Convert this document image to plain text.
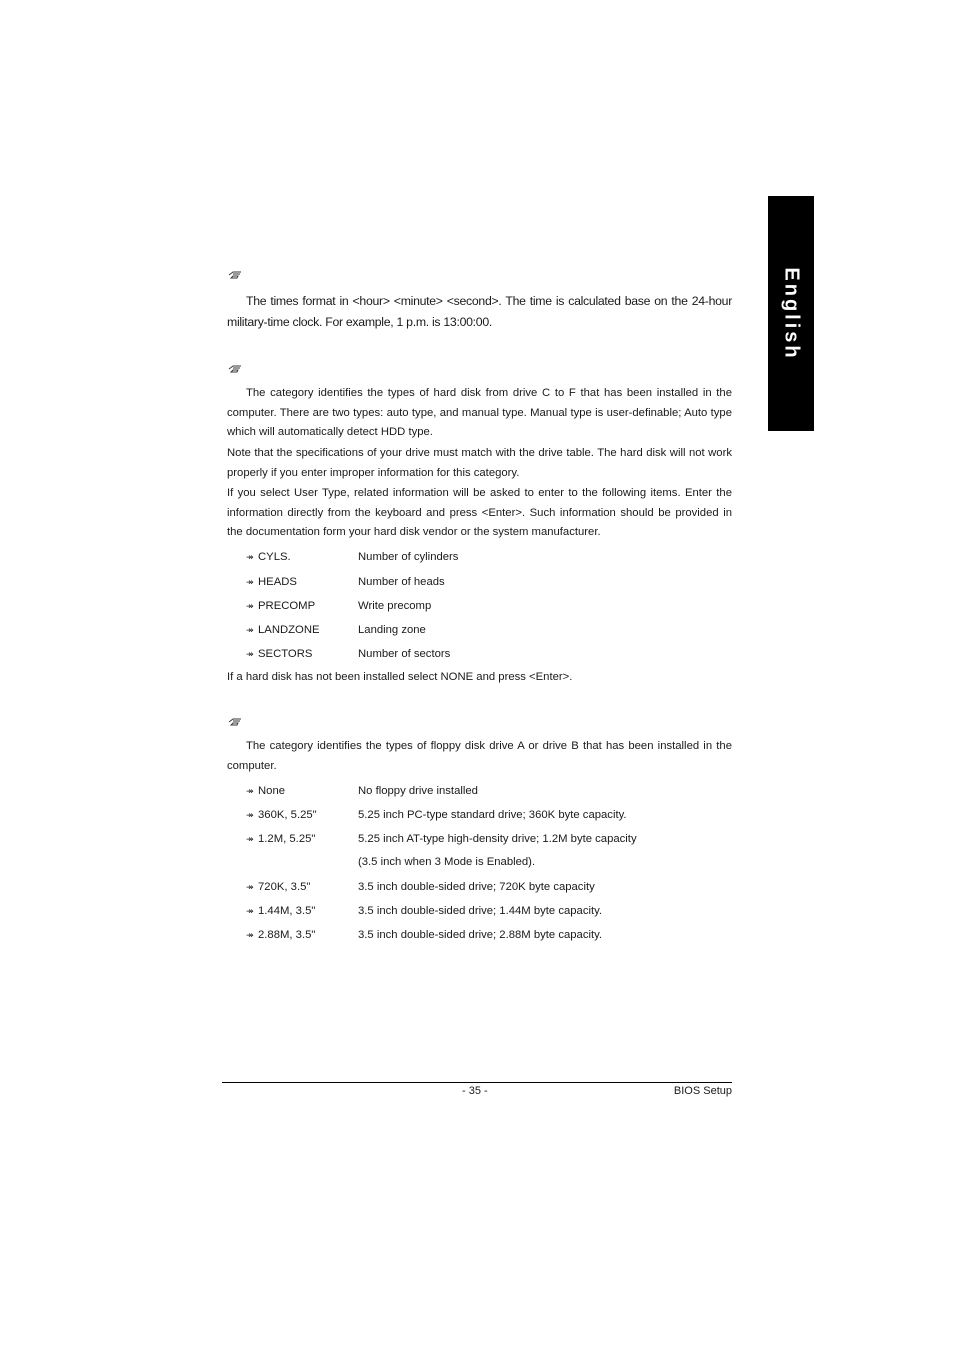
English

The times format in <hour> <minute> <second>. The time is calculated base on the 24-hour military-time clock. For example, 1 p.m. is 13:00:00.

The category identifies the types of hard disk from drive C to F that has been installed in the computer. There are two types: auto type, and manual type. Manual type is user-definable; Auto type which will automatically detect HDD type.

Note that the specifications of your drive must match with the drive table. The hard disk will not work properly if you enter improper information for this category.

If you select User Type, related information will be asked to enter to the following items. Enter the information directly from the keyboard and press <Enter>. Such information should be provided in the documentation form your hard disk vendor or the system manufacturer.

↠ CYLS.	Number of cylinders
↠ HEADS	Number of heads
↠ PRECOMP	Write precomp
↠ LANDZONE	Landing zone
↠ SECTORS	Number of sectors

If a hard disk has not been installed select NONE and press <Enter>.

The category identifies the types of floppy disk drive A or drive B that has been installed in the computer.

↠ None	No floppy drive installed
↠ 360K, 5.25"	5.25 inch PC-type standard drive; 360K byte capacity.
↠ 1.2M, 5.25"	5.25 inch AT-type high-density drive; 1.2M byte capacity
(3.5 inch when 3 Mode is Enabled).
↠ 720K, 3.5"	3.5 inch double-sided drive; 720K byte capacity
↠ 1.44M, 3.5"	3.5 inch double-sided drive; 1.44M byte capacity.
↠ 2.88M, 3.5"	3.5 inch double-sided drive; 2.88M byte capacity.
- 35 -	BIOS Setup
